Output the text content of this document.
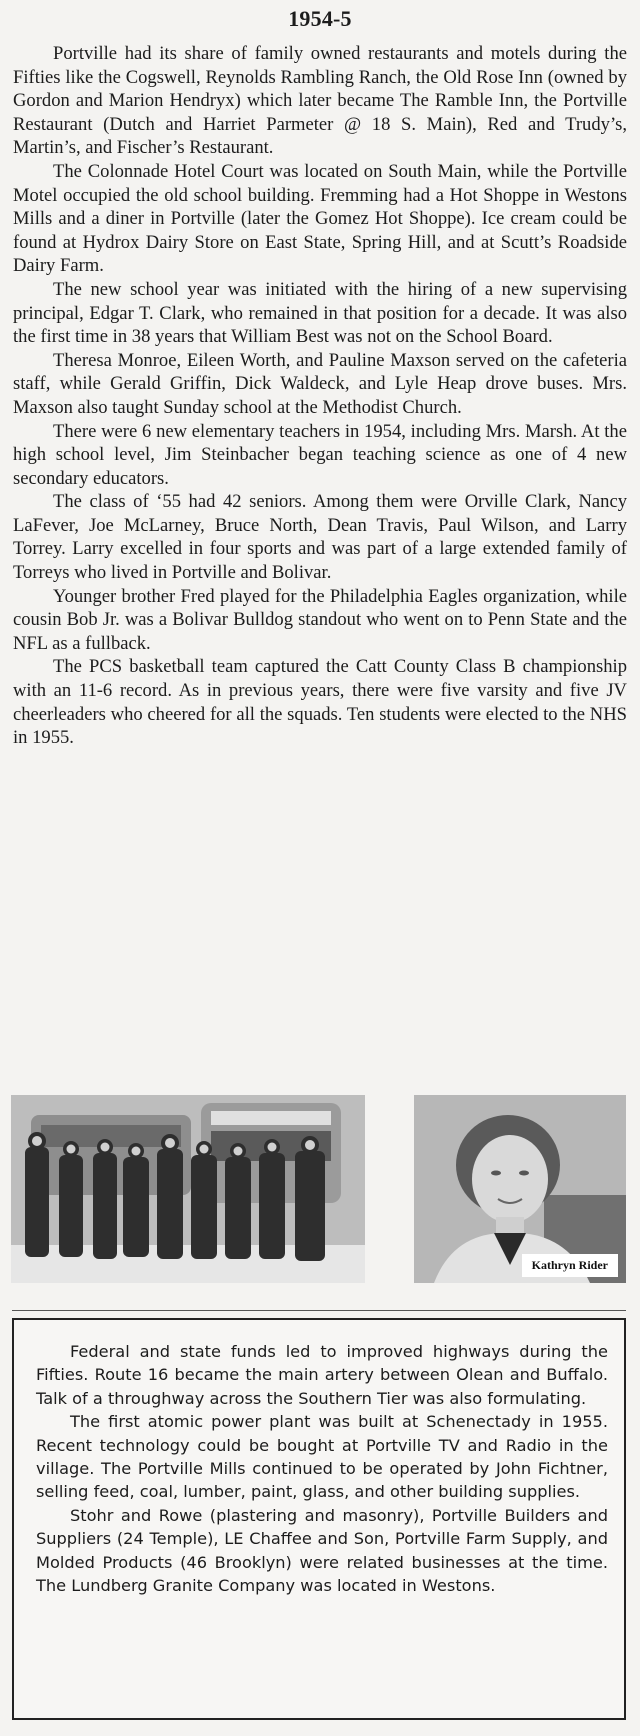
1954-5

Portville had its share of family owned restaurants and motels during the Fifties like the Cogswell, Reynolds Rambling Ranch, the Old Rose Inn (owned by Gordon and Marion Hendryx) which later became The Ramble Inn, the Portville Restaurant (Dutch and Harriet Parmeter @ 18 S. Main), Red and Trudy’s, Martin’s, and Fischer’s Restaurant.

The Colonnade Hotel Court was located on South Main, while the Portville Motel occupied the old school building. Fremming had a Hot Shoppe in Westons Mills and a diner in Portville (later the Gomez Hot Shoppe). Ice cream could be found at Hydrox Dairy Store on East State, Spring Hill, and at Scutt’s Roadside Dairy Farm.

The new school year was initiated with the hiring of a new supervising principal, Edgar T. Clark, who remained in that position for a decade. It was also the first time in 38 years that William Best was not on the School Board.

Theresa Monroe, Eileen Worth, and Pauline Maxson served on the cafeteria staff, while Gerald Griffin, Dick Waldeck, and Lyle Heap drove buses. Mrs. Maxson also taught Sunday school at the Methodist Church.

There were 6 new elementary teachers in 1954, including Mrs. Marsh. At the high school level, Jim Steinbacher began teaching science as one of 4 new secondary educators.

The class of ‘55 had 42 seniors. Among them were Orville Clark, Nancy LaFever, Joe McLarney, Bruce North, Dean Travis, Paul Wilson, and Larry Torrey. Larry excelled in four sports and was part of a large extended family of Torreys who lived in Portville and Bolivar.

Younger brother Fred played for the Philadelphia Eagles organization, while cousin Bob Jr. was a Bolivar Bulldog standout who went on to Penn State and the NFL as a fullback.

The PCS basketball team captured the Catt County Class B championship with an 11-6 record. As in previous years, there were five varsity and five JV cheerleaders who cheered for all the squads. Ten students were elected to the NHS in 1955.

Kathryn Rider

Federal and state funds led to improved highways during the Fifties. Route 16 became the main artery between Olean and Buffalo. Talk of a throughway across the Southern Tier was also formulating.

The first atomic power plant was built at Schenectady in 1955. Recent technology could be bought at Portville TV and Radio in the village. The Portville Mills continued to be operated by John Fichtner, selling feed, coal, lumber, paint, glass, and other building supplies.

Stohr and Rowe (plastering and masonry), Portville Builders and Suppliers (24 Temple), LE Chaffee and Son, Portville Farm Supply, and Molded Products (46 Brooklyn) were related businesses at the time. The Lundberg Granite Company was located in Westons.
